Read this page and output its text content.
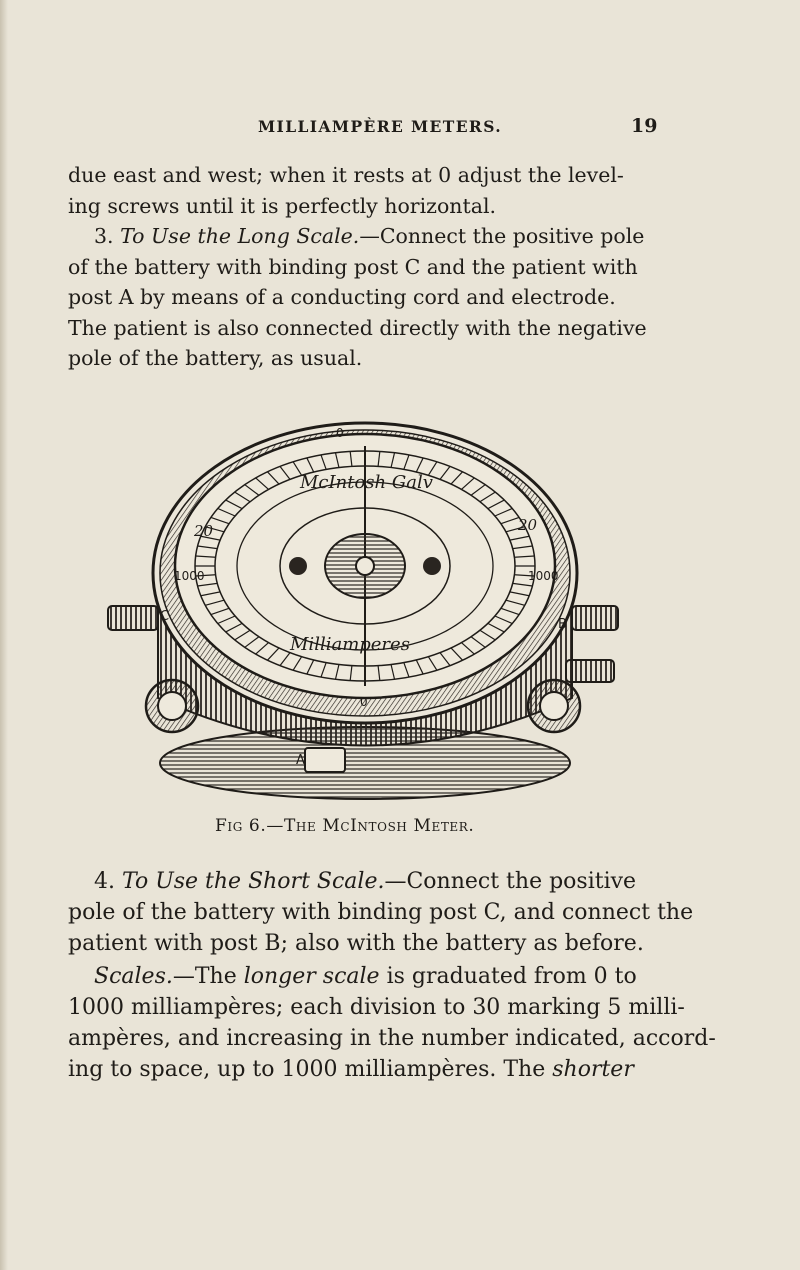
MILLIAMPÈRE METERS.	19

due east and west; when it rests at 0 adjust the level-
ing screws until it is perfectly horizontal.

3. To Use the Long Scale.—Connect the positive pole
of the battery with binding post C and the patient with
post A by means of a conducting cord and electrode.
The patient is also connected directly with the negative
pole of the battery, as usual.

McIntosh Galv
Milliamperes
0
0
20	20
1000	1000
C
B
A
Fig 6.—The McIntosh Meter.

4. To Use the Short Scale.—Connect the positive
pole of the battery with binding post C, and connect the
patient with post B; also with the battery as before.

Scales.—The longer scale is graduated from 0 to
1000 milliampères; each division to 30 marking 5 milli-
ampères, and increasing in the number indicated, accord-
ing to space, up to 1000 milliampères. The shorter
